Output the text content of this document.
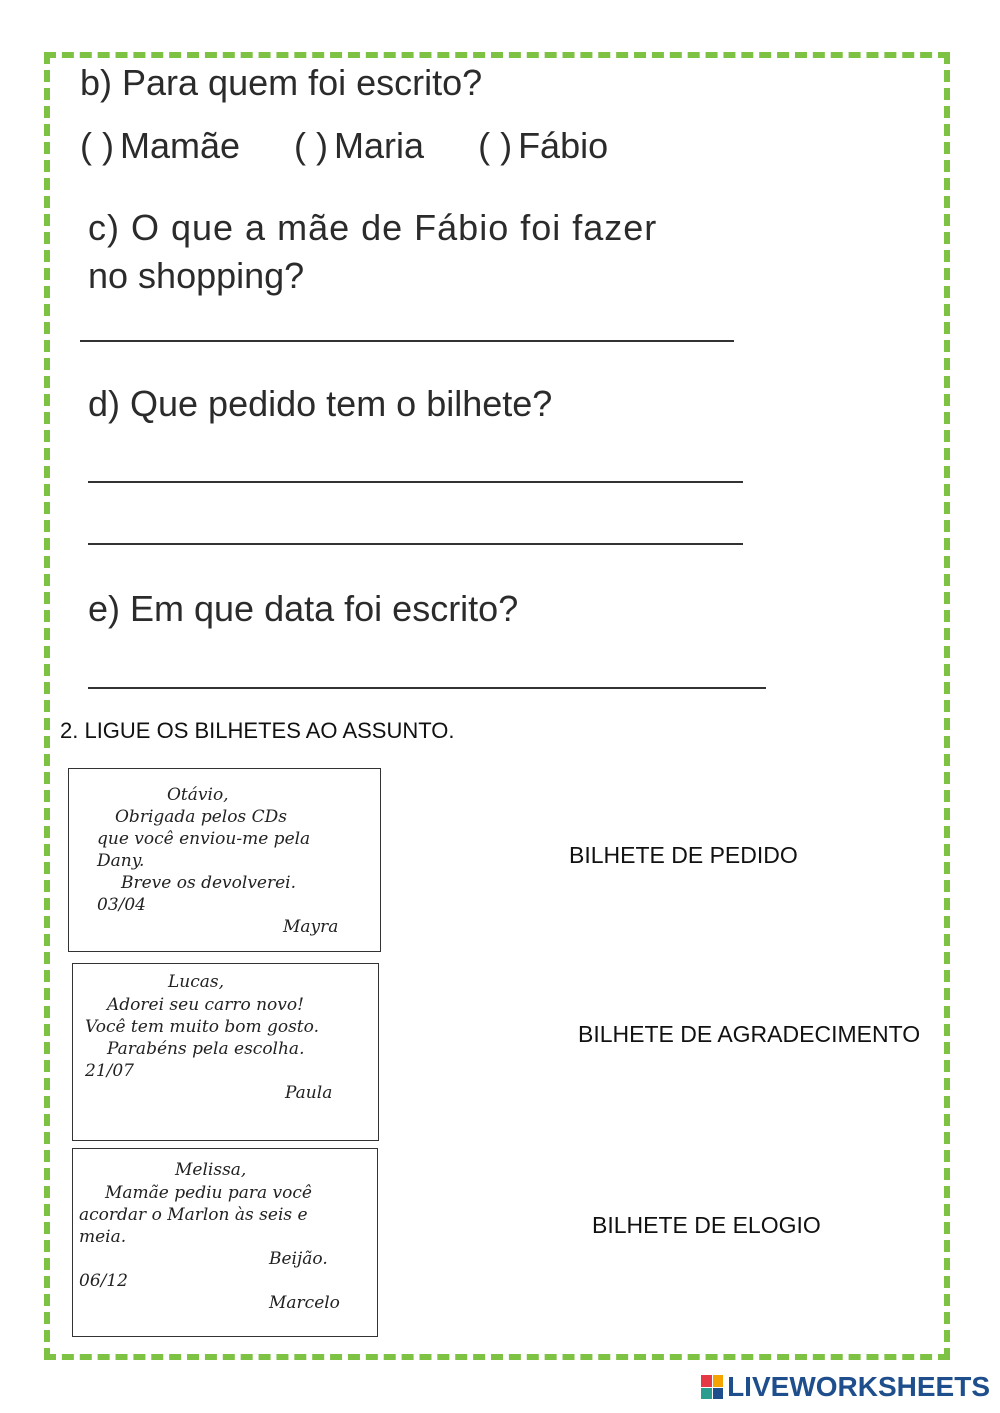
b) Para quem foi escrito?
( ) Mamãe ( ) Maria ( ) Fábio
c) O que a mãe de Fábio foi fazer
no shopping?
d) Que pedido tem o bilhete?
e) Em que data foi escrito?
2. LIGUE OS BILHETES AO ASSUNTO.
Otávio,
Obrigada pelos CDs
que você enviou-me pela
Dany.
Breve os devolverei.
03/04
Mayra
Lucas,
Adorei seu carro novo!
Você tem muito bom gosto.
Parabéns pela escolha.
21/07
Paula
Melissa,
Mamãe pediu para você
acordar o Marlon às seis e
meia.
Beijão.
06/12
Marcelo
BILHETE DE PEDIDO
BILHETE DE AGRADECIMENTO
BILHETE DE ELOGIO
LIVEWORKSHEETS
